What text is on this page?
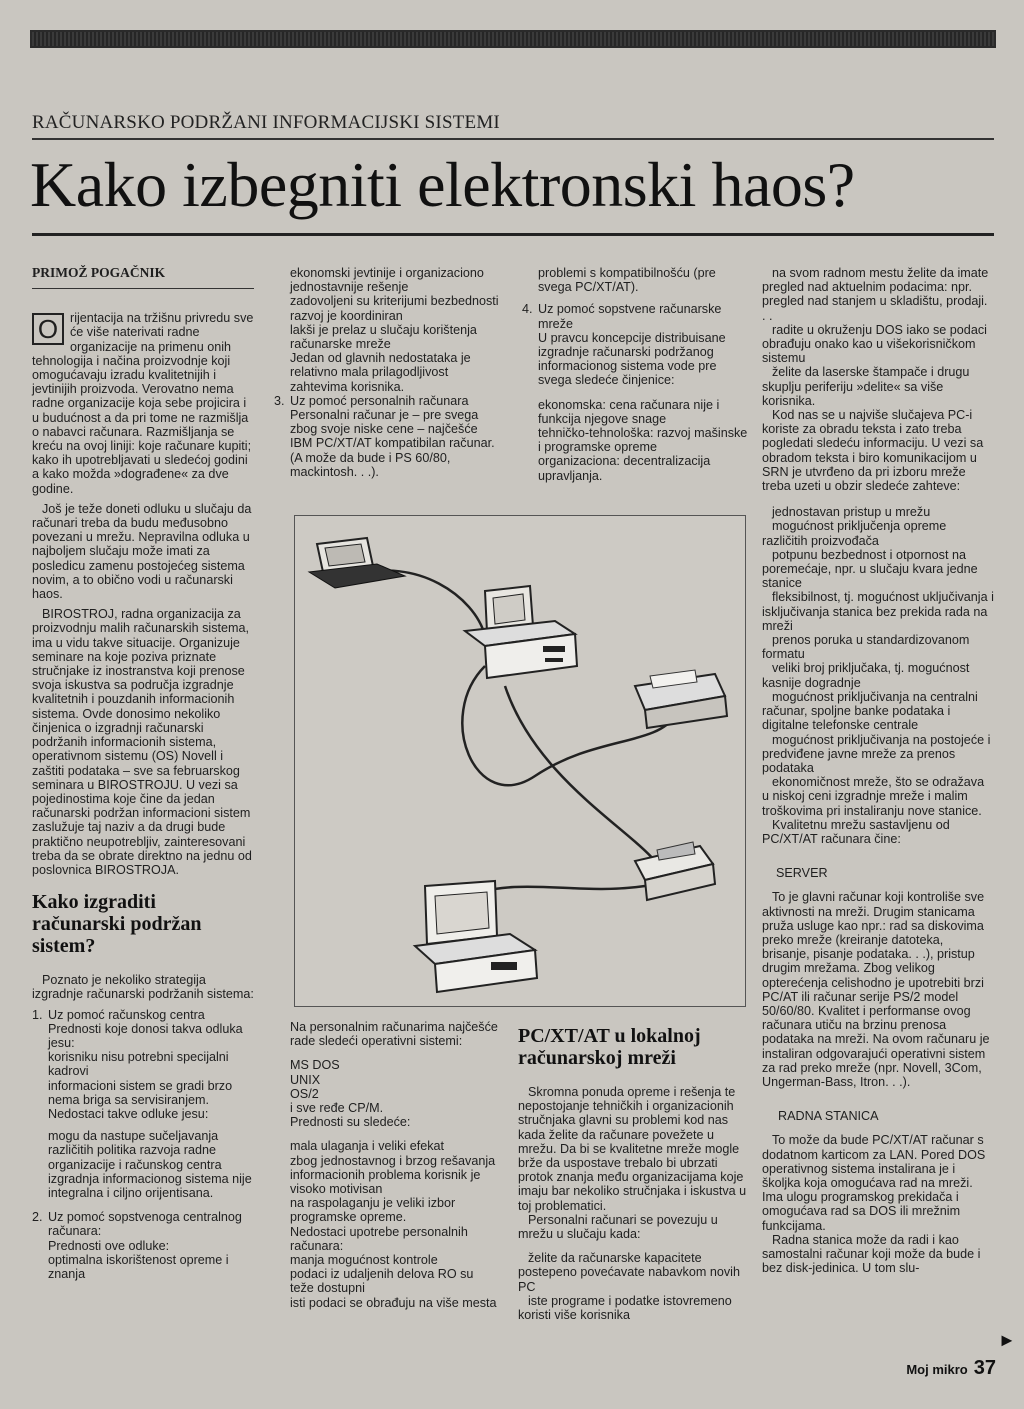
RAČUNARSKO PODRŽANI INFORMACIJSKI SISTEMI
Kako izbegniti elektronski haos?
PRIMOŽ POGAČNIK

O rijentacija na tržišnu privredu sve će više naterivati radne organizacije na primenu onih tehnologija i načina proizvodnje koji omogućavaju izradu kvalitetnijih i jevtinijih proizvoda. Verovatno nema radne organizacije koja sebe projicira i u budućnost a da pri tome ne razmišlja o nabavci računara. Razmišljanja se kreću na ovoj liniji: koje računare kupiti; kako ih upotrebljavati u sledećoj godini a kako možda »dograđene« za dve godine.

Još je teže doneti odluku u slučaju da računari treba da budu međusobno povezani u mrežu. Nepravilna odluka u najboljem slučaju može imati za posledicu zamenu postojećeg sistema novim, a to obično vodi u računarski haos.

BIROSTROJ, radna organizacija za proizvodnju malih računarskih sistema, ima u vidu takve situacije. Organizuje seminare na koje poziva priznate stručnjake iz inostranstva koji prenose svoja iskustva sa područja izgradnje kvalitetnih i pouzdanih informacionih sistema. Ovde donosimo nekoliko činjenica o izgradnji računarski podržanih informacionih sistema, operativnom sistemu (OS) Novell i zaštiti podataka – sve sa februarskog seminara u BIROSTROJU. U vezi sa pojedinostima koje čine da jedan računarski podržan informacioni sistem zaslužuje taj naziv a da drugi bude praktično neupotrebljiv, zainteresovani treba da se obrate direktno na jednu od poslovnica BIROSTROJA.

Kako izgraditi računarski podržan sistem?

Poznato je nekoliko strategija izgradnje računarski podržanih sistema:

1. Uz pomoć računskog centra
Prednosti koje donosi takva odluka jesu:
korisniku nisu potrebni specijalni kadrovi
informacioni sistem se gradi brzo
nema briga sa servisiranjem.
Nedostaci takve odluke jesu:
mogu da nastupe sučeljavanja različitih politika razvoja radne organizacije i računskog centra izgradnja informacionog sistema nije integralna i ciljno orijentisana.
2. Uz pomoć sopstvenoga centralnog računara:
Prednosti ove odluke:
optimalna iskorištenost opreme i znanja
ekonomski jevtinije i organizaciono jednostavnije rešenje
zadovoljeni su kriterijumi bezbednosti
razvoj je koordiniran
lakši je prelaz u slučaju korištenja računarske mreže
Jedan od glavnih nedostataka je relativno mala prilagodljivost zahtevima korisnika.
3. Uz pomoć personalnih računara Personalni računar je – pre svega zbog svoje niske cene – najčešće IBM PC/XT/AT kompatibilan računar. (A može da bude i PS 60/80, mackintosh. . .).
problemi s kompatibilnošću (pre svega PC/XT/AT).
4. Uz pomoć sopstvene računarske mreže
U pravcu koncepcije distribuisane izgradnje računarski podržanog informacionog sistema vode pre svega sledeće činjenice:
ekonomska: cena računara nije i funkcija njegove snage
tehničko-tehnološka: razvoj mašinske i programske opreme
organizaciona: decentralizacija upravljanja.
Na personalnim računarima najčešće rade sledeći operativni sistemi:
MS DOS
UNIX
OS/2
i sve ređe CP/M.
Prednosti su sledeće:
mala ulaganja i veliki efekat
zbog jednostavnog i brzog rešavanja informacionih problema korisnik je visoko motivisan
na raspolaganju je veliki izbor programske opreme.
Nedostaci upotrebe personalnih računara:
manja mogućnost kontrole
podaci iz udaljenih delova RO su teže dostupni
isti podaci se obrađuju na više mesta
PC/XT/AT u lokalnoj računarskoj mreži
Skromna ponuda opreme i rešenja te nepostojanje tehničkih i organizacionih stručnjaka glavni su problemi kod nas kada želite da računare povežete u mrežu. Da bi se kvalitetne mreže mogle brže da uspostave trebalo bi ubrzati protok znanja među organizacijama koje imaju bar nekoliko stručnjaka i iskustva u toj problematici.
Personalni računari se povezuju u mrežu u slučaju kada:
želite da računarske kapacitete postepeno povećavate nabavkom novih PC
iste programe i podatke istovremeno koristi više korisnika
na svom radnom mestu želite da imate pregled nad aktuelnim podacima: npr. pregled nad stanjem u skladištu, prodaji. . .
radite u okruženju DOS iako se podaci obrađuju onako kao u višekorisničkom sistemu
želite da laserske štampače i drugu skuplju periferiju »delite« sa više korisnika.
Kod nas se u najviše slučajeva PC-i koriste za obradu teksta i zato treba pogledati sledeću informaciju. U vezi sa obradom teksta i biro komunikacijom u SRN je utvrđeno da pri izboru mreže treba uzeti u obzir sledeće zahteve:
jednostavan pristup u mrežu
mogućnost priključenja opreme različitih proizvođača
potpunu bezbednost i otpornost na poremećaje, npr. u slučaju kvara jedne stanice
fleksibilnost, tj. mogućnost uključivanja i isključivanja stanica bez prekida rada na mreži
prenos poruka u standardizovanom formatu
veliki broj priključaka, tj. mogućnost kasnije dogradnje
mogućnost priključivanja na centralni računar, spoljne banke podataka i digitalne telefonske centrale
mogućnost priključivanja na postojeće i predviđene javne mreže za prenos podataka
ekonomičnost mreže, što se odražava u niskoj ceni izgradnje mreže i malim troškovima pri instaliranju nove stanice.
Kvalitetnu mrežu sastavljenu od PC/XT/AT računara čine:
SERVER
To je glavni računar koji kontroliše sve aktivnosti na mreži. Drugim stanicama pruža usluge kao npr.: rad sa diskovima preko mreže (kreiranje datoteka, brisanje, pisanje podataka. . .), pristup drugim mrežama. Zbog velikog opterećenja celishodno je upotrebiti brzi PC/AT ili računar serije PS/2 model 50/60/80. Kvalitet i performanse ovog računara utiču na brzinu prenosa podataka na mreži. Na ovom računaru je instaliran odgovarajući operativni sistem za rad preko mreže (npr. Novell, 3Com, Ungerman-Bass, Itron. . .).
RADNA STANICA
To može da bude PC/XT/AT računar s dodatnom karticom za LAN. Pored DOS operativnog sistema instalirana je i školjka koja omogućava rad na mreži. Ima ulogu programskog prekidača i omogućava rad sa DOS ili mrežnim funkcijama.
Radna stanica može da radi i kao samostalni računar koji može da bude i bez disk-jedinica. U tom slu-
►
Moj mikro 37
